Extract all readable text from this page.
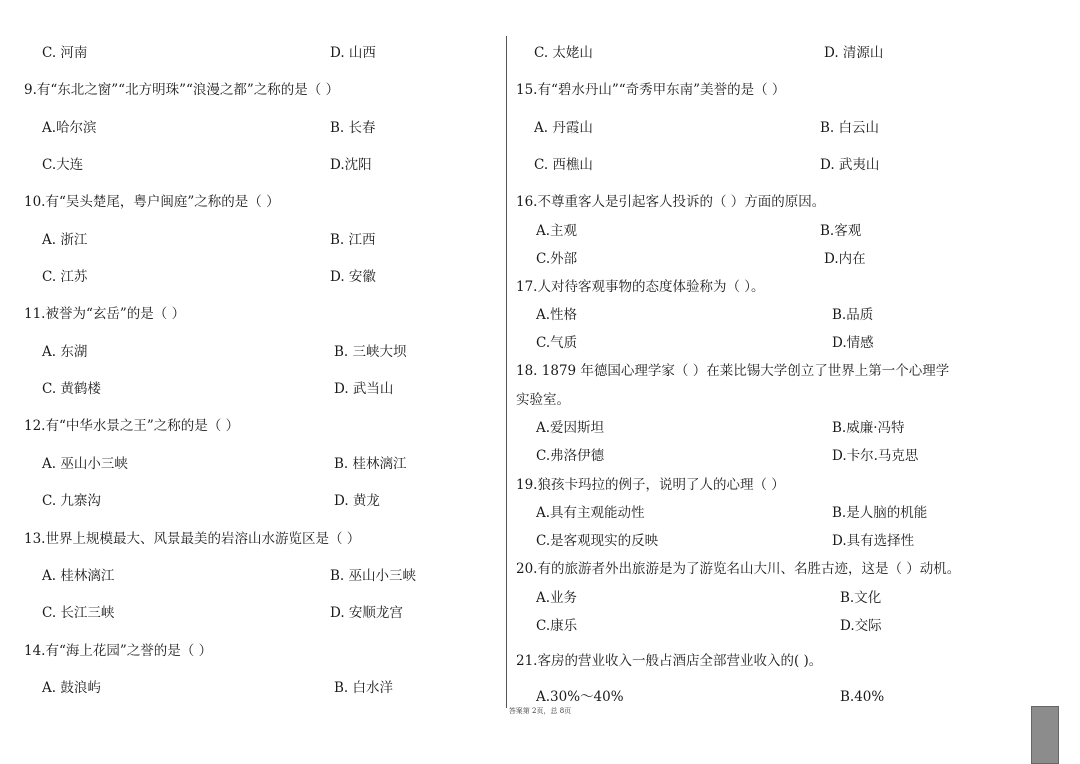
C. 河南	D. 山西
9.有“东北之窗”“北方明珠”“浪漫之都”之称的是（ ）
A.哈尔滨	B. 长春
C.大连	D.沈阳
10.有“吴头楚尾，粤户闽庭”之称的是（ ）
A. 浙江	B. 江西
C. 江苏	D. 安徽
11.被誉为“玄岳”的是（ ）
A. 东湖	B. 三峡大坝
C. 黄鹤楼	D. 武当山
12.有“中华水景之王”之称的是（ ）
A. 巫山小三峡	B. 桂林漓江
C. 九寨沟	D. 黄龙
13.世界上规模最大、风景最美的岩溶山水游览区是（ ）
A. 桂林漓江	B. 巫山小三峡
C. 长江三峡	D. 安顺龙宫
14.有“海上花园”之誉的是（ ）
A. 鼓浪屿	B. 白水洋
C. 太姥山	D. 清源山
15.有“碧水丹山”“奇秀甲东南”美誉的是（ ）
A. 丹霞山	B. 白云山
C. 西樵山	D. 武夷山
16.不尊重客人是引起客人投诉的（ ）方面的原因。
A.主观	B.客观
C.外部	D.内在
17.人对待客观事物的态度体验称为（ ）。
A.性格	B.品质
C.气质	D.情感
18. 1879 年德国心理学家（ ）在莱比锡大学创立了世界上第一个心理学
实验室。
A.爱因斯坦	B.威廉·冯特
C.弗洛伊德	D.卡尔.马克思
19.狼孩卡玛拉的例子，说明了人的心理（ ）
A.具有主观能动性	B.是人脑的机能
C.是客观现实的反映	D.具有选择性
20.有的旅游者外出旅游是为了游览名山大川、名胜古迹，这是（ ）动机。
A.业务	B.文化
C.康乐	D.交际
21.客房的营业收入一般占酒店全部营业收入的( )。
A.30%～40%	B.40%
答案第 2页，总 8页
